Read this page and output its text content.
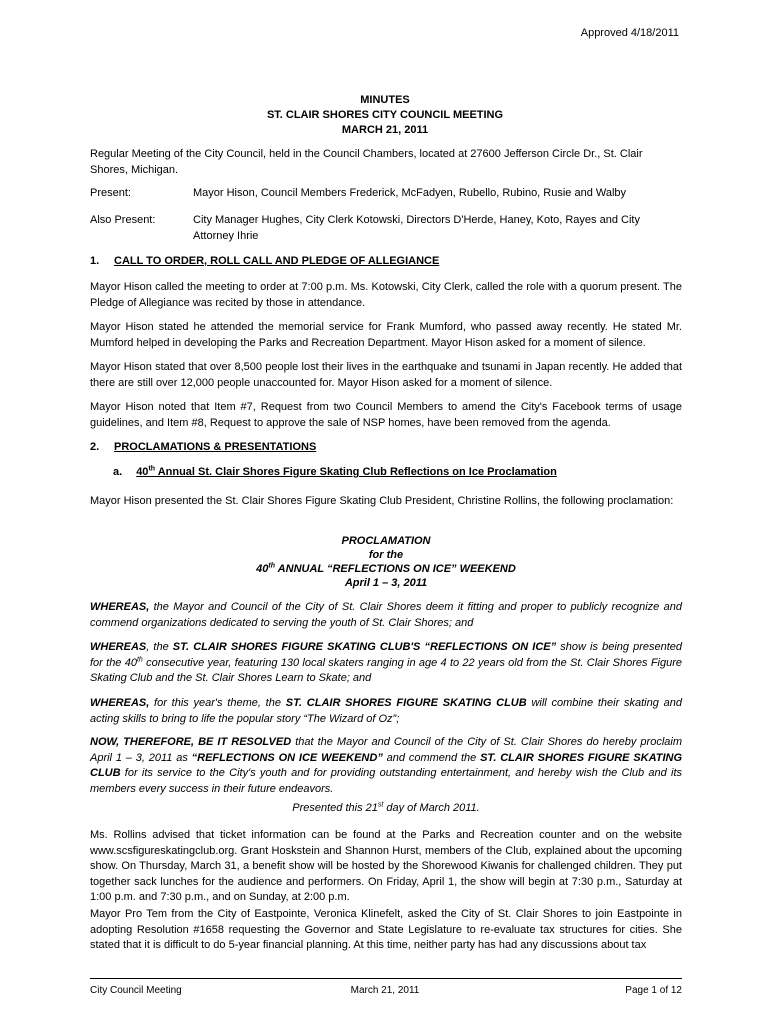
Approved 4/18/2011
MINUTES
ST. CLAIR SHORES CITY COUNCIL MEETING
MARCH 21, 2011
Regular Meeting of the City Council, held in the Council Chambers, located at 27600 Jefferson Circle Dr., St. Clair Shores, Michigan.
Present:	Mayor Hison, Council Members Frederick, McFadyen, Rubello, Rubino, Rusie and Walby
Also Present:	City Manager Hughes, City Clerk Kotowski, Directors D'Herde, Haney, Koto, Rayes and City Attorney Ihrie
1. CALL TO ORDER, ROLL CALL AND PLEDGE OF ALLEGIANCE
Mayor Hison called the meeting to order at 7:00 p.m. Ms. Kotowski, City Clerk, called the role with a quorum present. The Pledge of Allegiance was recited by those in attendance.
Mayor Hison stated he attended the memorial service for Frank Mumford, who passed away recently. He stated Mr. Mumford helped in developing the Parks and Recreation Department. Mayor Hison asked for a moment of silence.
Mayor Hison stated that over 8,500 people lost their lives in the earthquake and tsunami in Japan recently. He added that there are still over 12,000 people unaccounted for. Mayor Hison asked for a moment of silence.
Mayor Hison noted that Item #7, Request from two Council Members to amend the City's Facebook terms of usage guidelines, and Item #8, Request to approve the sale of NSP homes, have been removed from the agenda.
2. PROCLAMATIONS & PRESENTATIONS
a. 40th Annual St. Clair Shores Figure Skating Club Reflections on Ice Proclamation
Mayor Hison presented the St. Clair Shores Figure Skating Club President, Christine Rollins, the following proclamation:
PROCLAMATION
for the
40th ANNUAL “REFLECTIONS ON ICE” WEEKEND
April 1 – 3, 2011
WHEREAS, the Mayor and Council of the City of St. Clair Shores deem it fitting and proper to publicly recognize and commend organizations dedicated to serving the youth of St. Clair Shores; and
WHEREAS, the ST. CLAIR SHORES FIGURE SKATING CLUB'S “REFLECTIONS ON ICE” show is being presented for the 40th consecutive year, featuring 130 local skaters ranging in age 4 to 22 years old from the St. Clair Shores Figure Skating Club and the St. Clair Shores Learn to Skate; and
WHEREAS, for this year's theme, the ST. CLAIR SHORES FIGURE SKATING CLUB will combine their skating and acting skills to bring to life the popular story “The Wizard of Oz”;
NOW, THEREFORE, BE IT RESOLVED that the Mayor and Council of the City of St. Clair Shores do hereby proclaim April 1 – 3, 2011 as “REFLECTIONS ON ICE WEEKEND” and commend the ST. CLAIR SHORES FIGURE SKATING CLUB for its service to the City's youth and for providing outstanding entertainment, and hereby wish the Club and its members every success in their future endeavors.
Presented this 21st day of March 2011.
Ms. Rollins advised that ticket information can be found at the Parks and Recreation counter and on the website www.scsfigureskatingclub.org. Grant Hoskstein and Shannon Hurst, members of the Club, explained about the upcoming show. On Thursday, March 31, a benefit show will be hosted by the Shorewood Kiwanis for challenged children. They put together sack lunches for the audience and performers. On Friday, April 1, the show will begin at 7:30 p.m., Saturday at 1:00 p.m. and 7:30 p.m., and on Sunday, at 2:00 p.m.
Mayor Pro Tem from the City of Eastpointe, Veronica Klinefelt, asked the City of St. Clair Shores to join Eastpointe in adopting Resolution #1658 requesting the Governor and State Legislature to re-evaluate tax structures for cities. She stated that it is difficult to do 5-year financial planning. At this time, neither party has had any discussions about tax
City Council Meeting	March 21, 2011	Page 1 of 12
